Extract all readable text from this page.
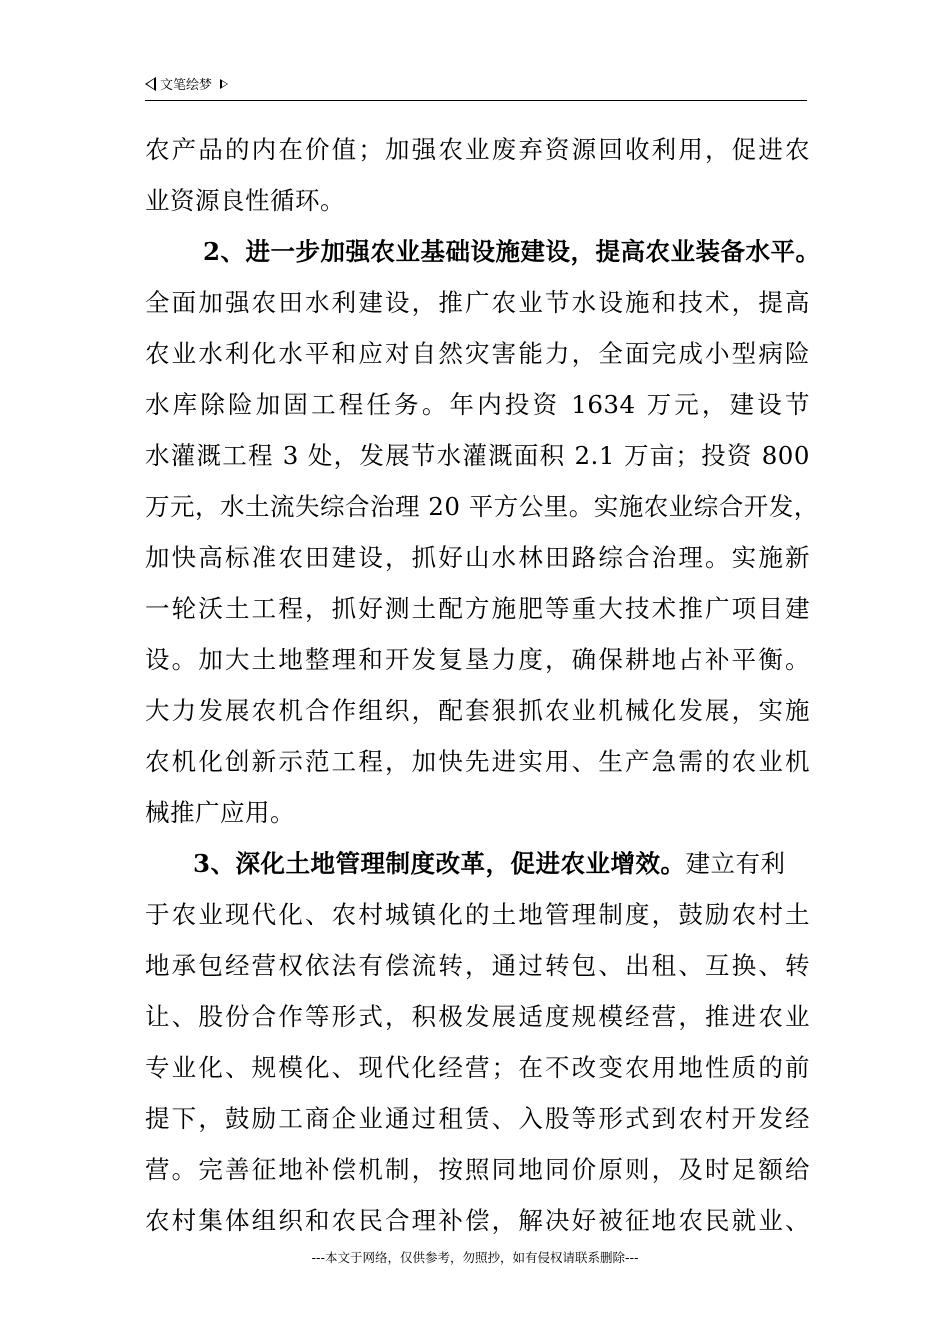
文笔绘梦
农产品的内在价值；加强农业废弃资源回收利用，促进农
业资源良性循环。
2、进一步加强农业基础设施建设，提高农业装备水平。
全面加强农田水利建设，推广农业节水设施和技术，提高
农业水利化水平和应对自然灾害能力，全面完成小型病险
水库除险加固工程任务。年内投资 1634 万元，建设节
水灌溉工程 3 处，发展节水灌溉面积 2.1 万亩；投资 800
万元，水土流失综合治理 20 平方公里。实施农业综合开发，
加快高标准农田建设，抓好山水林田路综合治理。实施新
一轮沃土工程，抓好测土配方施肥等重大技术推广项目建
设。加大土地整理和开发复垦力度，确保耕地占补平衡。
大力发展农机合作组织，配套狠抓农业机械化发展，实施
农机化创新示范工程，加快先进实用、生产急需的农业机
械推广应用。
3、深化土地管理制度改革，促进农业增效。建立有利
于农业现代化、农村城镇化的土地管理制度，鼓励农村土
地承包经营权依法有偿流转，通过转包、出租、互换、转
让、股份合作等形式，积极发展适度规模经营，推进农业
专业化、规模化、现代化经营；在不改变农用地性质的前
提下，鼓励工商企业通过租赁、入股等形式到农村开发经
营。完善征地补偿机制，按照同地同价原则，及时足额给
农村集体组织和农民合理补偿，解决好被征地农民就业、
---本文于网络，仅供参考，勿照抄，如有侵权请联系删除---
